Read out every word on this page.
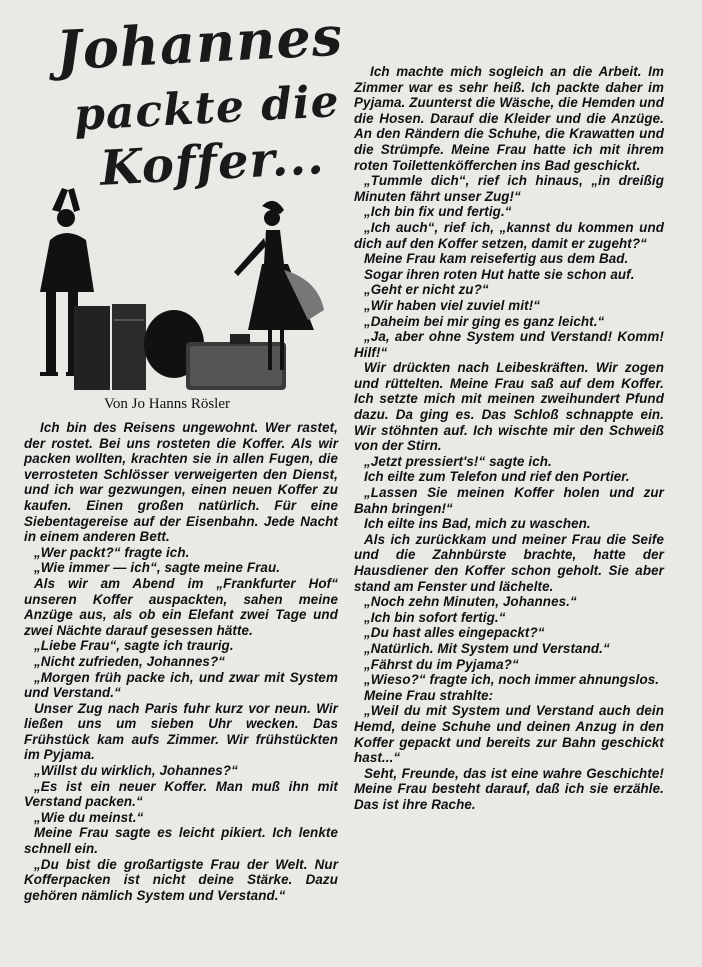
Johannes
packte die
Koffer...
Von Jo Hanns Rösler

Ich bin des Reisens ungewohnt. Wer rastet, der rostet. Bei uns rosteten die Koffer. Als wir packen wollten, krachten sie in allen Fugen, die verrosteten Schlösser verweigerten den Dienst, und ich war gezwungen, einen neuen Koffer zu kaufen. Einen großen natürlich. Für eine Siebentagereise auf der Eisenbahn. Jede Nacht in einem anderen Bett.

„Wer packt?“ fragte ich.

„Wie immer — ich“, sagte meine Frau.

Als wir am Abend im „Frankfurter Hof“ unseren Koffer auspackten, sahen meine Anzüge aus, als ob ein Elefant zwei Tage und zwei Nächte darauf gesessen hätte.

„Liebe Frau“, sagte ich traurig.

„Nicht zufrieden, Johannes?“

„Morgen früh packe ich, und zwar mit System und Verstand.“

Unser Zug nach Paris fuhr kurz vor neun. Wir ließen uns um sieben Uhr wecken. Das Frühstück kam aufs Zimmer. Wir frühstückten im Pyjama.

„Willst du wirklich, Johannes?“

„Es ist ein neuer Koffer. Man muß ihn mit Verstand packen.“

„Wie du meinst.“

Meine Frau sagte es leicht pikiert. Ich lenkte schnell ein.

„Du bist die großartigste Frau der Welt. Nur Kofferpacken ist nicht deine Stärke. Dazu gehören nämlich System und Verstand.“

Ich machte mich sogleich an die Arbeit. Im Zimmer war es sehr heiß. Ich packte daher im Pyjama. Zuunterst die Wäsche, die Hemden und die Hosen. Darauf die Kleider und die Anzüge. An den Rändern die Schuhe, die Krawatten und die Strümpfe. Meine Frau hatte ich mit ihrem roten Toilettenköfferchen ins Bad geschickt.

„Tummle dich“, rief ich hinaus, „in dreißig Minuten fährt unser Zug!“

„Ich bin fix und fertig.“

„Ich auch“, rief ich, „kannst du kommen und dich auf den Koffer setzen, damit er zugeht?“

Meine Frau kam reisefertig aus dem Bad.

Sogar ihren roten Hut hatte sie schon auf.

„Geht er nicht zu?“

„Wir haben viel zuviel mit!“

„Daheim bei mir ging es ganz leicht.“

„Ja, aber ohne System und Verstand! Komm! Hilf!“

Wir drückten nach Leibeskräften. Wir zogen und rüttelten. Meine Frau saß auf dem Koffer. Ich setzte mich mit meinen zweihundert Pfund dazu. Da ging es. Das Schloß schnappte ein. Wir stöhnten auf. Ich wischte mir den Schweiß von der Stirn.

„Jetzt pressiert's!“ sagte ich.

Ich eilte zum Telefon und rief den Portier.

„Lassen Sie meinen Koffer holen und zur Bahn bringen!“

Ich eilte ins Bad, mich zu waschen.

Als ich zurückkam und meiner Frau die Seife und die Zahnbürste brachte, hatte der Hausdiener den Koffer schon geholt. Sie aber stand am Fenster und lächelte.

„Noch zehn Minuten, Johannes.“

„Ich bin sofort fertig.“

„Du hast alles eingepackt?“

„Natürlich. Mit System und Verstand.“

„Fährst du im Pyjama?“

„Wieso?“ fragte ich, noch immer ahnungslos.

Meine Frau strahlte:

„Weil du mit System und Verstand auch dein Hemd, deine Schuhe und deinen Anzug in den Koffer gepackt und bereits zur Bahn geschickt hast...“

Seht, Freunde, das ist eine wahre Geschichte! Meine Frau besteht darauf, daß ich sie erzähle. Das ist ihre Rache.
